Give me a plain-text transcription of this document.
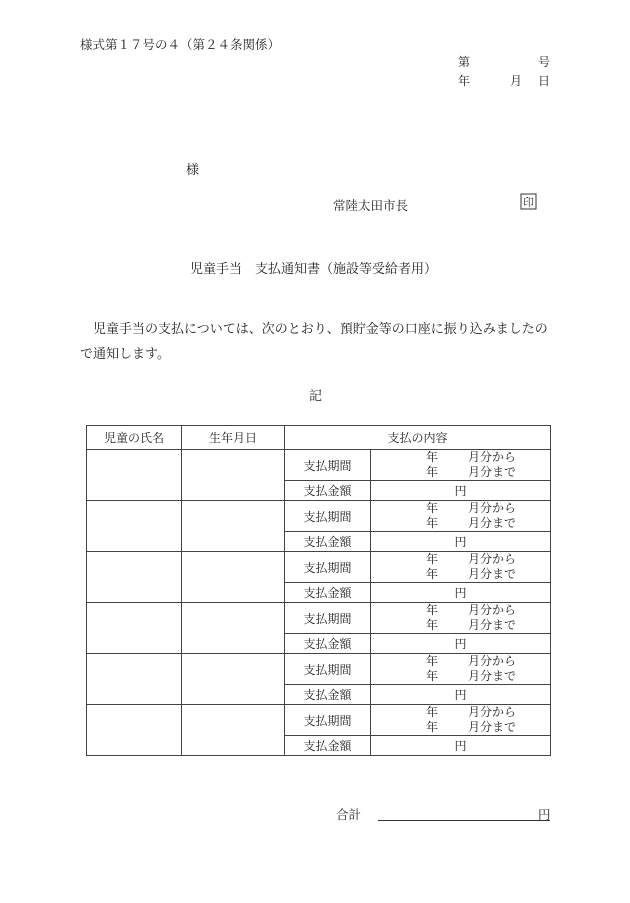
様式第１７号の４（第２４条関係）
第	号
年	月 日
様
常陸太田市長	印
児童手当　支払通知書（施設等受給者用）
児童手当の支払については、次のとおり、預貯金等の口座に振り込みましたので通知します。
記
児童の氏名	生年月日	支払の内容	
		支払期間	年 月分から
年 月分まで

		支払金額	円
		支払期間	年 月分から
年 月分まで

		支払金額	円
		支払期間	年 月分から
年 月分まで

		支払金額	円
		支払期間	年 月分から
年 月分まで

		支払金額	円
		支払期間	年 月分から
年 月分まで

		支払金額	円
		支払期間	年 月分から
年 月分まで

		支払金額	円
合計	円
